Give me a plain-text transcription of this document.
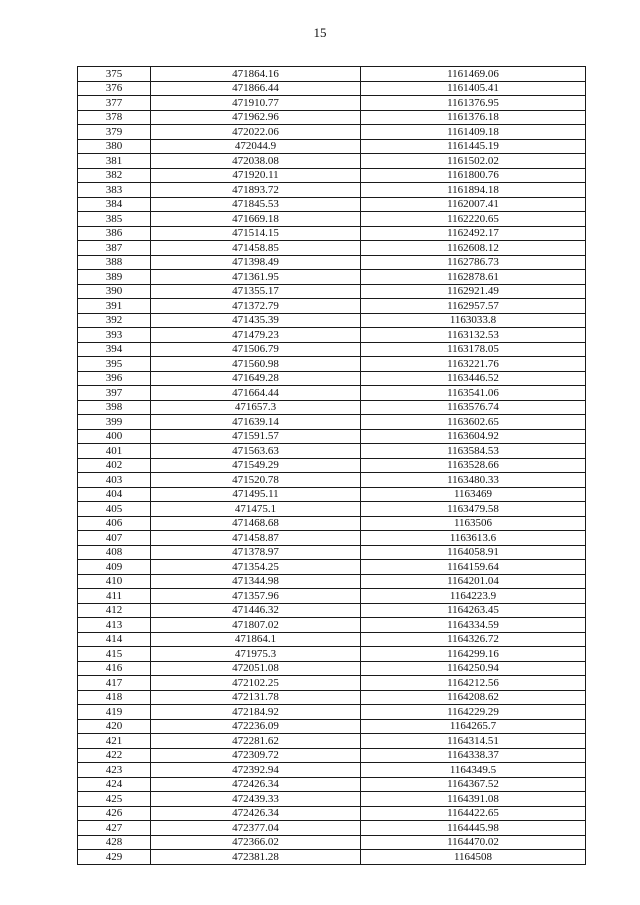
15
375	471864.16	1161469.06
376	471866.44	1161405.41
377	471910.77	1161376.95
378	471962.96	1161376.18
379	472022.06	1161409.18
380	472044.9	1161445.19
381	472038.08	1161502.02
382	471920.11	1161800.76
383	471893.72	1161894.18
384	471845.53	1162007.41
385	471669.18	1162220.65
386	471514.15	1162492.17
387	471458.85	1162608.12
388	471398.49	1162786.73
389	471361.95	1162878.61
390	471355.17	1162921.49
391	471372.79	1162957.57
392	471435.39	1163033.8
393	471479.23	1163132.53
394	471506.79	1163178.05
395	471560.98	1163221.76
396	471649.28	1163446.52
397	471664.44	1163541.06
398	471657.3	1163576.74
399	471639.14	1163602.65
400	471591.57	1163604.92
401	471563.63	1163584.53
402	471549.29	1163528.66
403	471520.78	1163480.33
404	471495.11	1163469
405	471475.1	1163479.58
406	471468.68	1163506
407	471458.87	1163613.6
408	471378.97	1164058.91
409	471354.25	1164159.64
410	471344.98	1164201.04
411	471357.96	1164223.9
412	471446.32	1164263.45
413	471807.02	1164334.59
414	471864.1	1164326.72
415	471975.3	1164299.16
416	472051.08	1164250.94
417	472102.25	1164212.56
418	472131.78	1164208.62
419	472184.92	1164229.29
420	472236.09	1164265.7
421	472281.62	1164314.51
422	472309.72	1164338.37
423	472392.94	1164349.5
424	472426.34	1164367.52
425	472439.33	1164391.08
426	472426.34	1164422.65
427	472377.04	1164445.98
428	472366.02	1164470.02
429	472381.28	1164508
